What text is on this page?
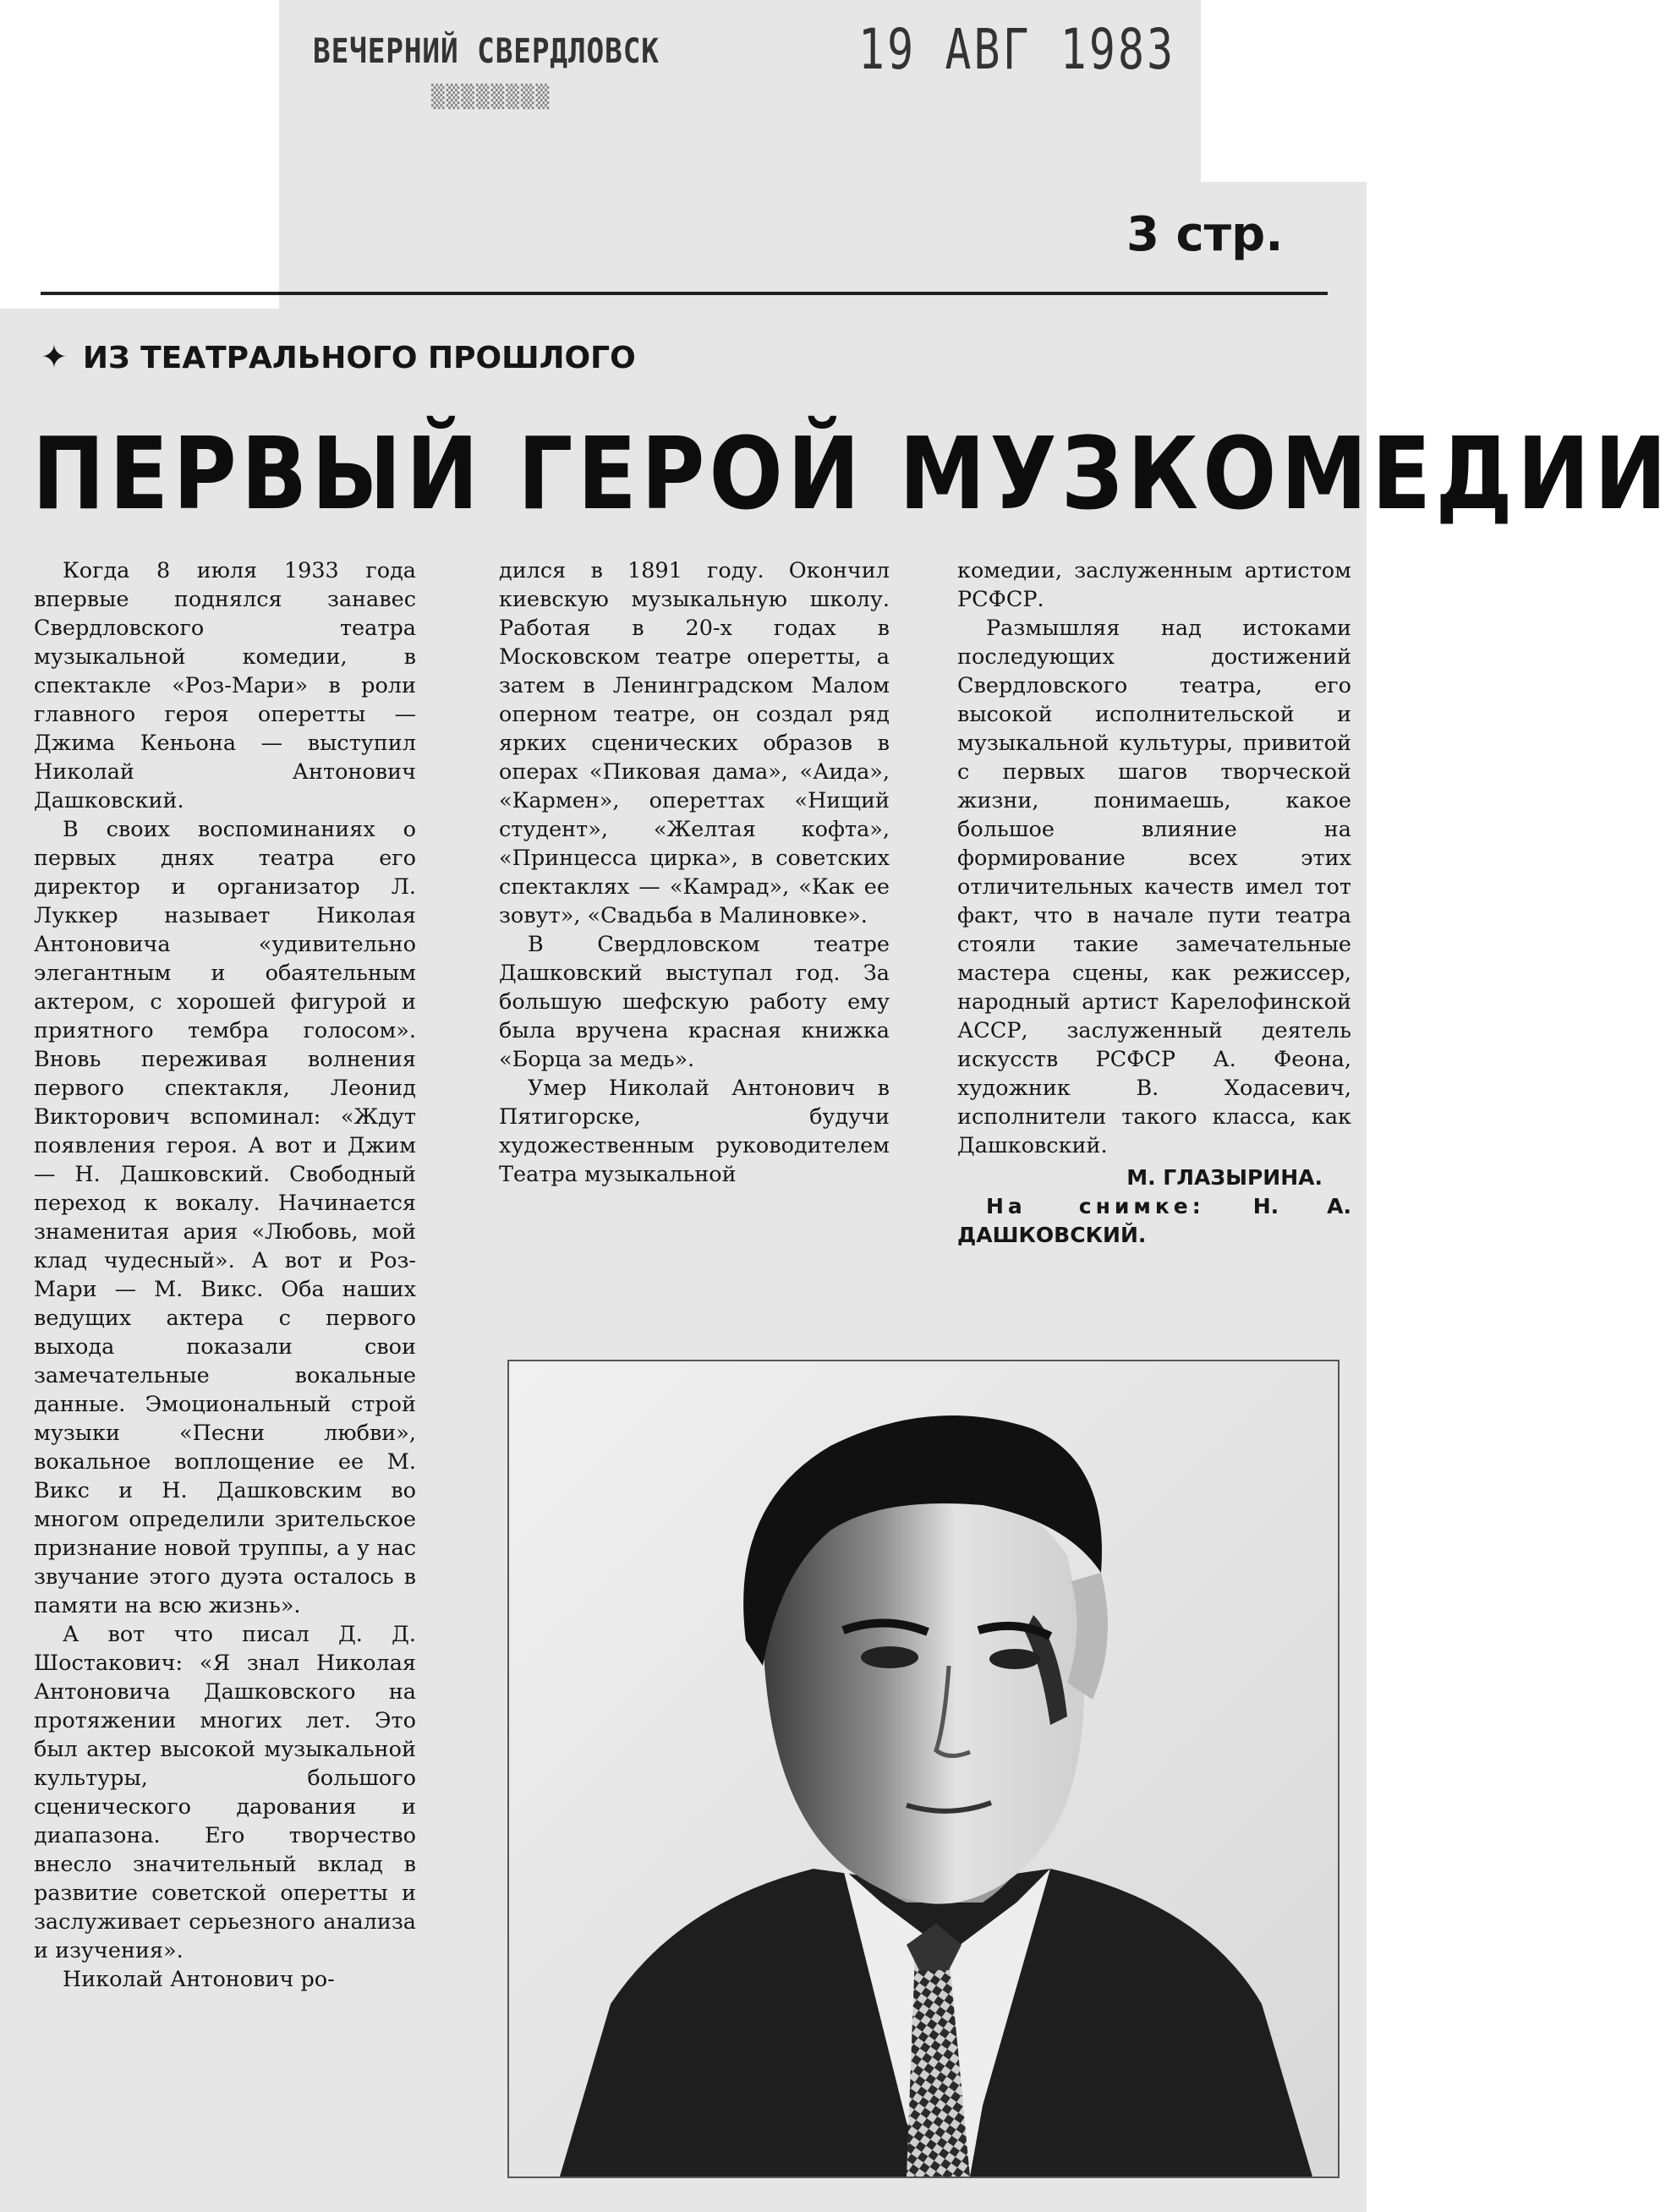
ВЕЧЕРНИЙ СВЕРДЛОВСК
▒▒▒▒▒▒▒▒
19 АВГ 1983
3 стр.
✦ ИЗ ТЕАТРАЛЬНОГО ПРОШЛОГО
ПЕРВЫЙ ГЕРОЙ МУЗКОМЕДИИ

Когда 8 июля 1933 года впервые поднялся занавес Свердловского театра музыкальной комедии, в спектакле «Роз-Мари» в роли главного героя оперетты — Джима Кеньона — выступил Николай Антонович Дашковский.

В своих воспоминаниях о первых днях театра его директор и организатор Л. Луккер называет Николая Антоновича «удивительно элегантным и обаятельным актером, с хорошей фигурой и приятного тембра голосом». Вновь переживая волнения первого спектакля, Леонид Викторович вспоминал: «Ждут появления героя. А вот и Джим — Н. Дашковский. Свободный переход к вокалу. Начинается знаменитая ария «Любовь, мой клад чудесный». А вот и Роз-Мари — М. Викс. Оба наших ведущих актера с первого выхода показали свои замечательные вокальные данные. Эмоциональный строй музыки «Песни любви», вокальное воплощение ее М. Викс и Н. Дашковским во многом определили зрительское признание новой труппы, а у нас звучание этого дуэта осталось в памяти на всю жизнь».

А вот что писал Д. Д. Шостакович: «Я знал Николая Антоновича Дашковского на протяжении многих лет. Это был актер высокой музыкальной культуры, большого сценического дарования и диапазона. Его творчество внесло значительный вклад в развитие советской оперетты и заслуживает серьезного анализа и изучения».

Николай Антонович ро-

дился в 1891 году. Окончил киевскую музыкальную школу. Работая в 20-х годах в Московском театре оперетты, а затем в Ленинградском Малом оперном театре, он создал ряд ярких сценических образов в операх «Пиковая дама», «Аида», «Кармен», опереттах «Нищий студент», «Желтая кофта», «Принцесса цирка», в советских спектаклях — «Камрад», «Как ее зовут», «Свадьба в Малиновке».

В Свердловском театре Дашковский выступал год. За большую шефскую работу ему была вручена красная книжка «Борца за медь».

Умер Николай Антонович в Пятигорске, будучи художественным руководителем Театра музыкальной

комедии, заслуженным артистом РСФСР.

Размышляя над истоками последующих достижений Свердловского театра, его высокой исполнительской и музыкальной культуры, привитой с первых шагов творческой жизни, понимаешь, какое большое влияние на формирование всех этих отличительных качеств имел тот факт, что в начале пути театра стояли такие замечательные мастера сцены, как режиссер, народный артист Карелофинской АССР, заслуженный деятель искусств РСФСР А. Феона, художник В. Ходасевич, исполнители такого класса, как Дашковский.

М. ГЛАЗЫРИНА.
На снимке: Н. А. ДАШКОВСКИЙ.
